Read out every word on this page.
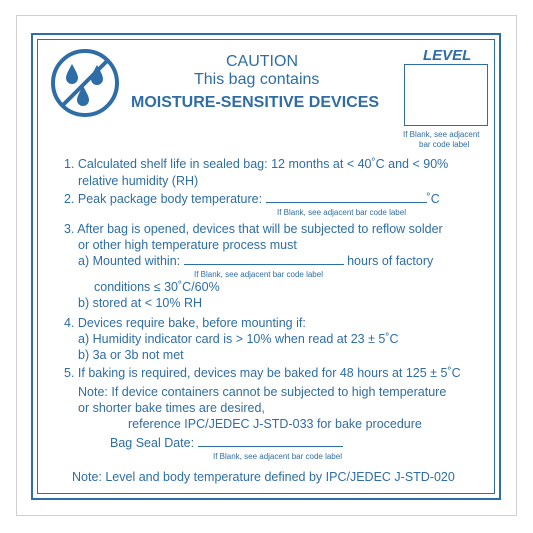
CAUTION
This bag contains
MOISTURE-SENSITIVE DEVICES
LEVEL
If Blank, see adjacent
bar code label
1. Calculated shelf life in sealed bag: 12 months at < 40˚C and < 90%
relative humidity (RH)
2. Peak package body temperature:	˚C
If Blank, see adjacent bar code label
3. After bag is opened, devices that will be subjected to reflow solder
or other high temperature process must
a) Mounted within:	hours of factory
If Blank, see adjacent bar code label
conditions ≤ 30˚C/60%
b) stored at < 10% RH
4. Devices require bake, before mounting if:
a) Humidity indicator card is > 10% when read at 23 ± 5˚C
b) 3a or 3b not met
5. If baking is required, devices may be baked for 48 hours at 125 ± 5˚C
Note: If device containers cannot be subjected to high temperature
or shorter bake times are desired,
reference IPC/JEDEC J-STD-033 for bake procedure
Bag Seal Date:
If Blank, see adjacent bar code label
Note: Level and body temperature defined by IPC/JEDEC J-STD-020
